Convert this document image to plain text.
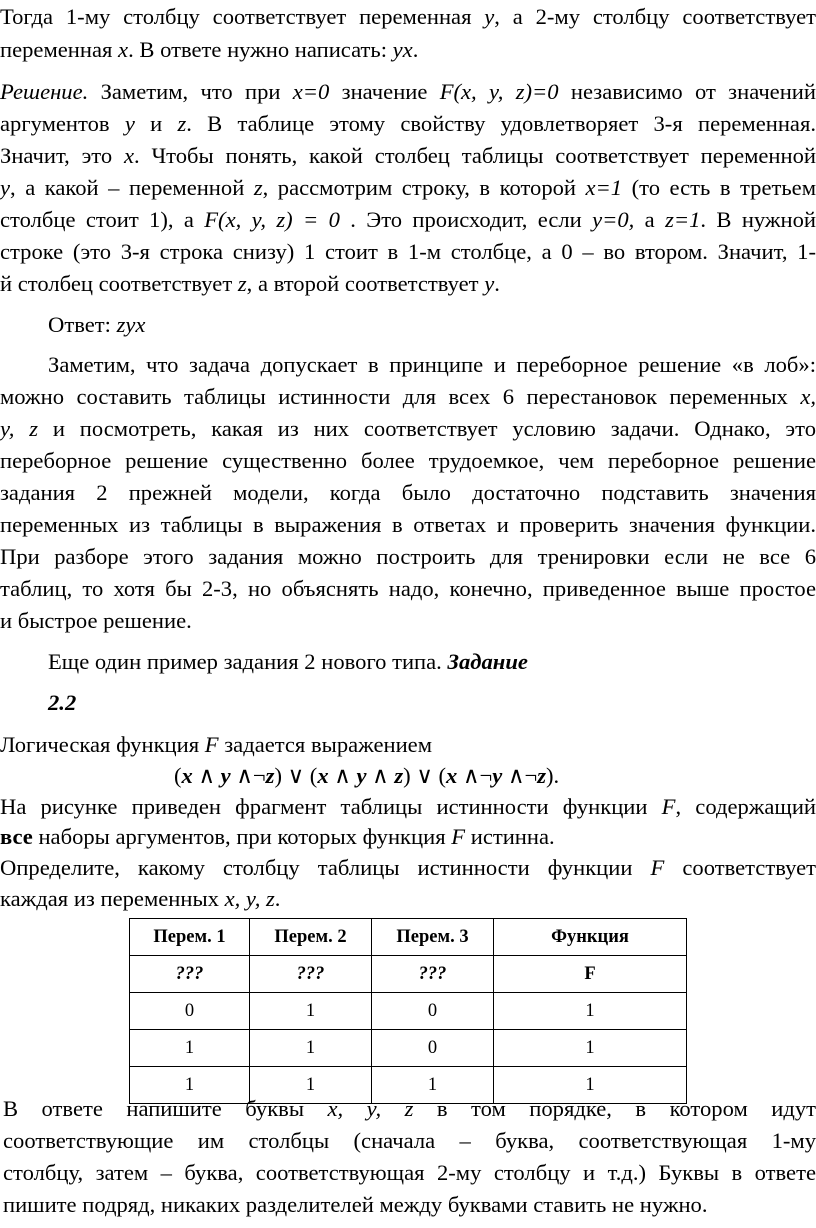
Тогда 1-му столбцу соответствует переменная y, а 2-му столбцу соответствует

переменная x. В ответе нужно написать: yx.

Решение. Заметим, что при x=0 значение F(x, y, z)=0 независимо от значений

аргументов y и z. В таблице этому свойству удовлетворяет 3-я переменная.

Значит, это x. Чтобы понять, какой столбец таблицы соответствует переменной

y, а какой – переменной z, рассмотрим строку, в которой x=1 (то есть в третьем

столбце стоит 1), а F(x, y, z) = 0 . Это происходит, если y=0, а z=1. В нужной

строке (это 3-я строка снизу) 1 стоит в 1-м столбце, а 0 – во втором. Значит, 1-

й столбец соответствует z, а второй соответствует y.

Ответ: zyx

Заметим, что задача допускает в принципе и переборное решение «в лоб»:

можно составить таблицы истинности для всех 6 перестановок переменных x,

y, z и посмотреть, какая из них соответствует условию задачи. Однако, это

переборное решение существенно более трудоемкое, чем переборное решение

задания 2 прежней модели, когда было достаточно подставить значения

переменных из таблицы в выражения в ответах и проверить значения функции.

При разборе этого задания можно построить для тренировки если не все 6

таблиц, то хотя бы 2-3, но объяснять надо, конечно, приведенное выше простое

и быстрое решение.

Еще один пример задания 2 нового типа. Задание

2.2

Логическая функция F задается выражением

(x ∧ y ∧¬z) ∨ (x ∧ y ∧ z) ∨ (x ∧¬y ∧¬z).

На рисунке приведен фрагмент таблицы истинности функции F, содержащий

все наборы аргументов, при которых функция F истинна.

Определите, какому столбцу таблицы истинности функции F соответствует

каждая из переменных x, y, z.

Перем. 1	Перем. 2	Перем. 3	Функция
???	???	???	F
0	1	0	1
1	1	0	1
1	1	1	1

В ответе напишите буквы x, y, z в том порядке, в котором идут

соответствующие им столбцы (сначала – буква, соответствующая 1-му

столбцу, затем – буква, соответствующая 2-му столбцу и т.д.) Буквы в ответе

пишите подряд, никаких разделителей между буквами ставить не нужно.
